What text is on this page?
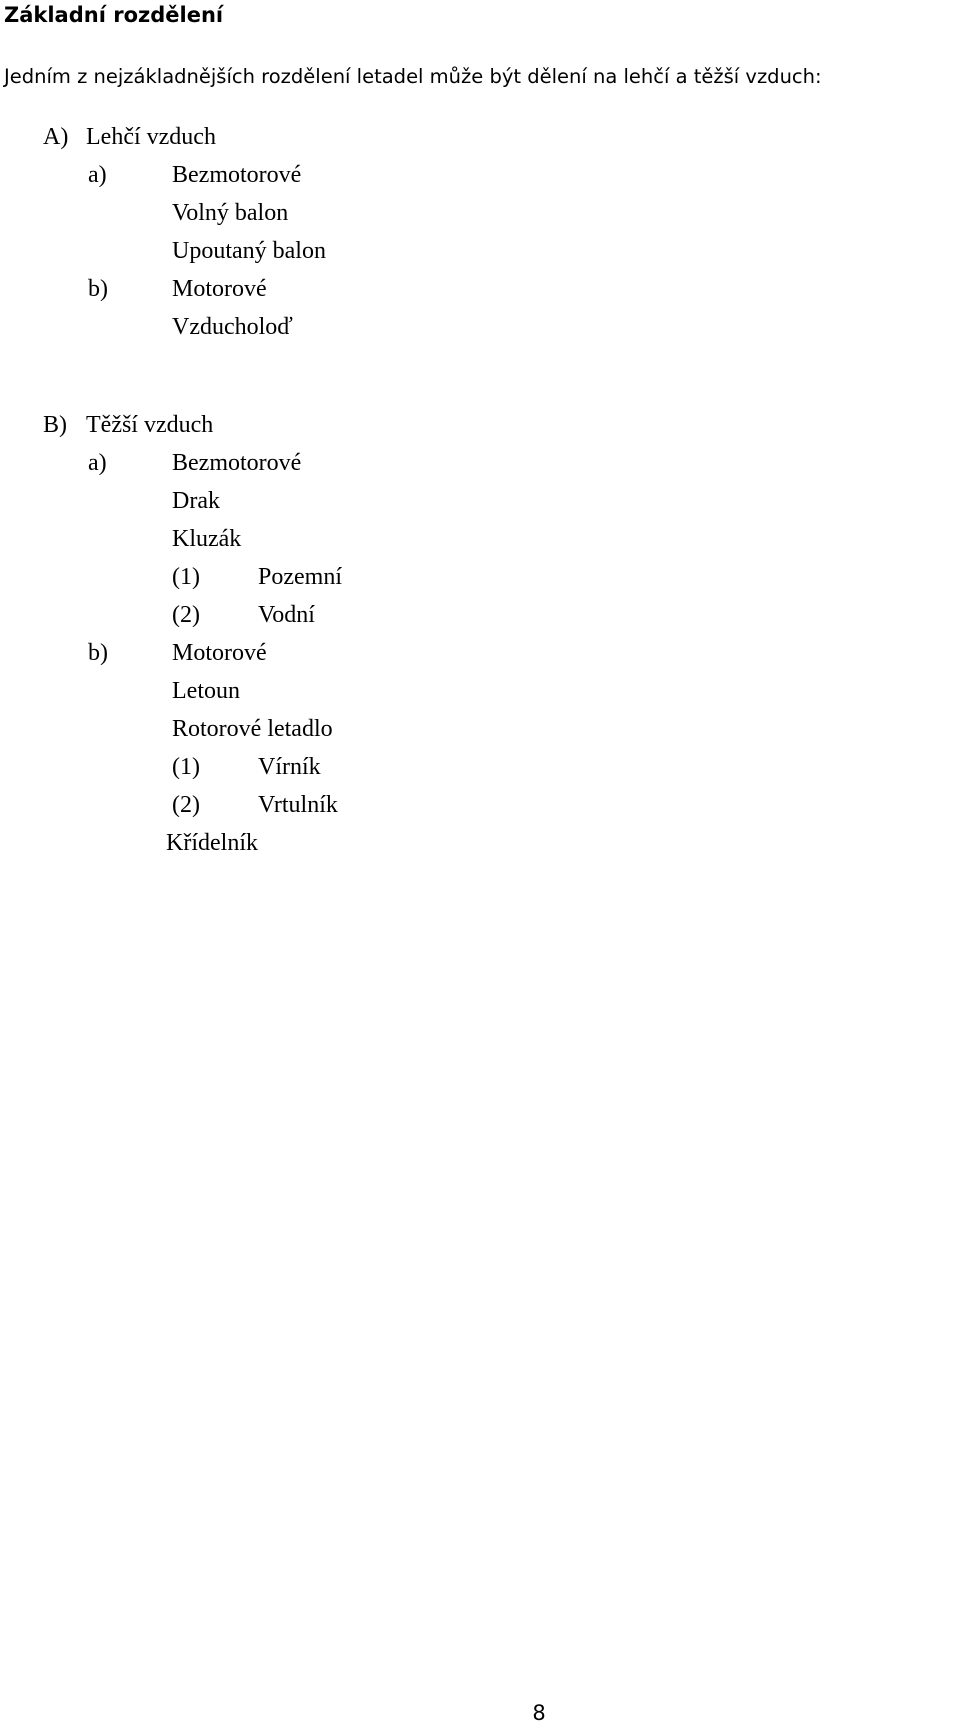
Základní rozdělení
Jedním z nejzákladnějších rozdělení letadel může být dělení na lehčí a těžší vzduch:
A) Lehčí vzduch
a)	Bezmotorové
Volný balon
Upoutaný balon
b)	Motorové
Vzducholoď
B) Těžší vzduch
a)	Bezmotorové
Drak
Kluzák
(1) Pozemní
(2) Vodní
b)	Motorové
Letoun
Rotorové letadlo
(1) Vírník
(2) Vrtulník
Křídelník
8
